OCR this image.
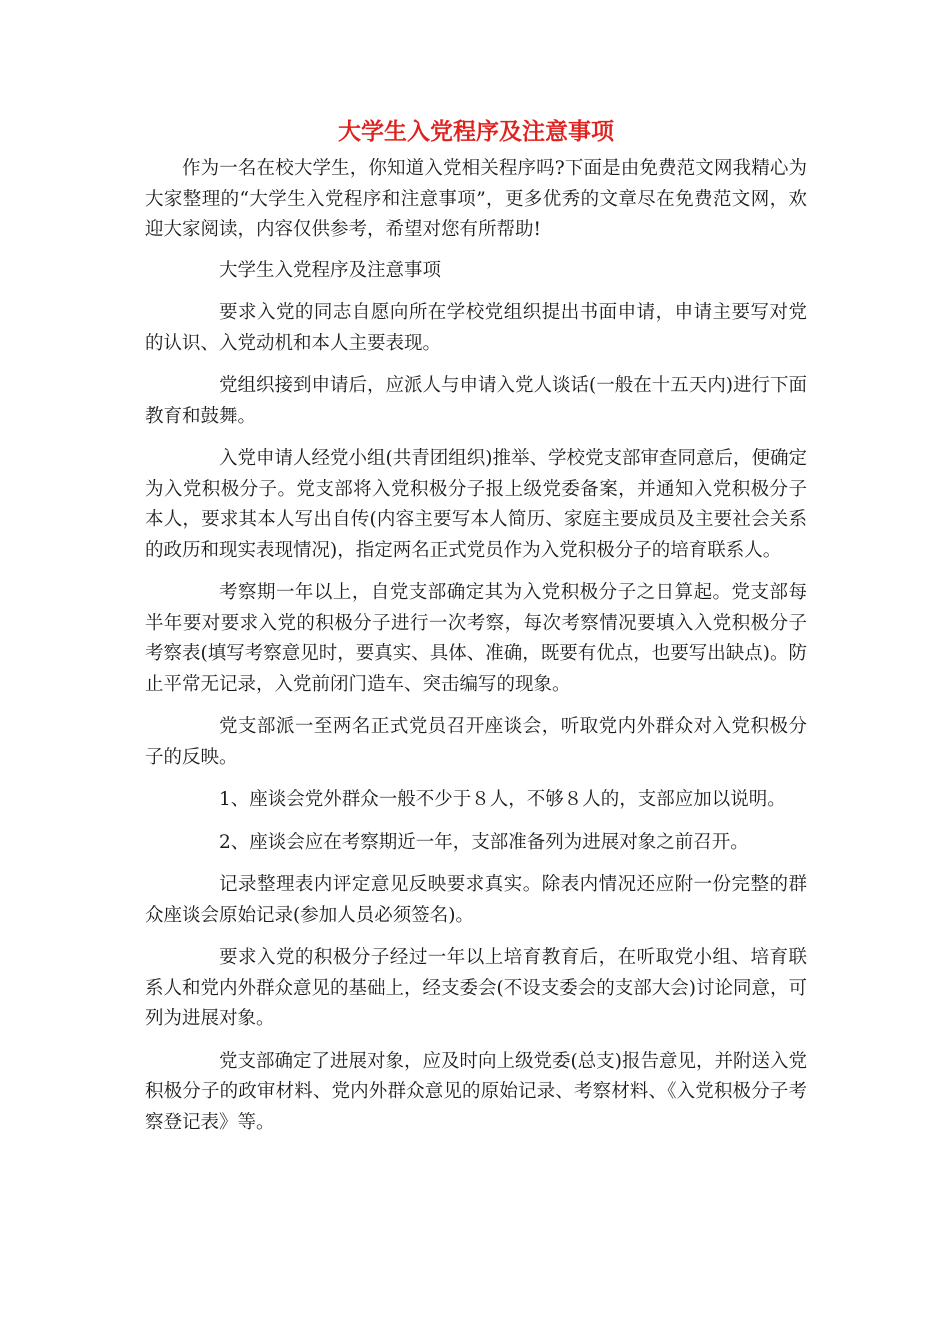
大学生入党程序及注意事项

作为一名在校大学生，你知道入党相关程序吗?下面是由免费范文网我精心为大家整理的“大学生入党程序和注意事项”，更多优秀的文章尽在免费范文网，欢迎大家阅读，内容仅供参考，希望对您有所帮助!

大学生入党程序及注意事项

要求入党的同志自愿向所在学校党组织提出书面申请，申请主要写对党的认识、入党动机和本人主要表现。

党组织接到申请后，应派人与申请入党人谈话(一般在十五天内)进行下面教育和鼓舞。

入党申请人经党小组(共青团组织)推举、学校党支部审查同意后，便确定为入党积极分子。党支部将入党积极分子报上级党委备案，并通知入党积极分子本人，要求其本人写出自传(内容主要写本人简历、家庭主要成员及主要社会关系的政历和现实表现情况)，指定两名正式党员作为入党积极分子的培育联系人。

考察期一年以上，自党支部确定其为入党积极分子之日算起。党支部每半年要对要求入党的积极分子进行一次考察，每次考察情况要填入入党积极分子考察表(填写考察意见时，要真实、具体、准确，既要有优点，也要写出缺点)。防止平常无记录，入党前闭门造车、突击编写的现象。

党支部派一至两名正式党员召开座谈会，听取党内外群众对入党积极分子的反映。

1、座谈会党外群众一般不少于８人，不够８人的，支部应加以说明。

2、座谈会应在考察期近一年，支部准备列为进展对象之前召开。

记录整理表内评定意见反映要求真实。除表内情况还应附一份完整的群众座谈会原始记录(参加人员必须签名)。

要求入党的积极分子经过一年以上培育教育后，在听取党小组、培育联系人和党内外群众意见的基础上，经支委会(不设支委会的支部大会)讨论同意，可列为进展对象。

党支部确定了进展对象，应及时向上级党委(总支)报告意见，并附送入党积极分子的政审材料、党内外群众意见的原始记录、考察材料、《入党积极分子考察登记表》等。
